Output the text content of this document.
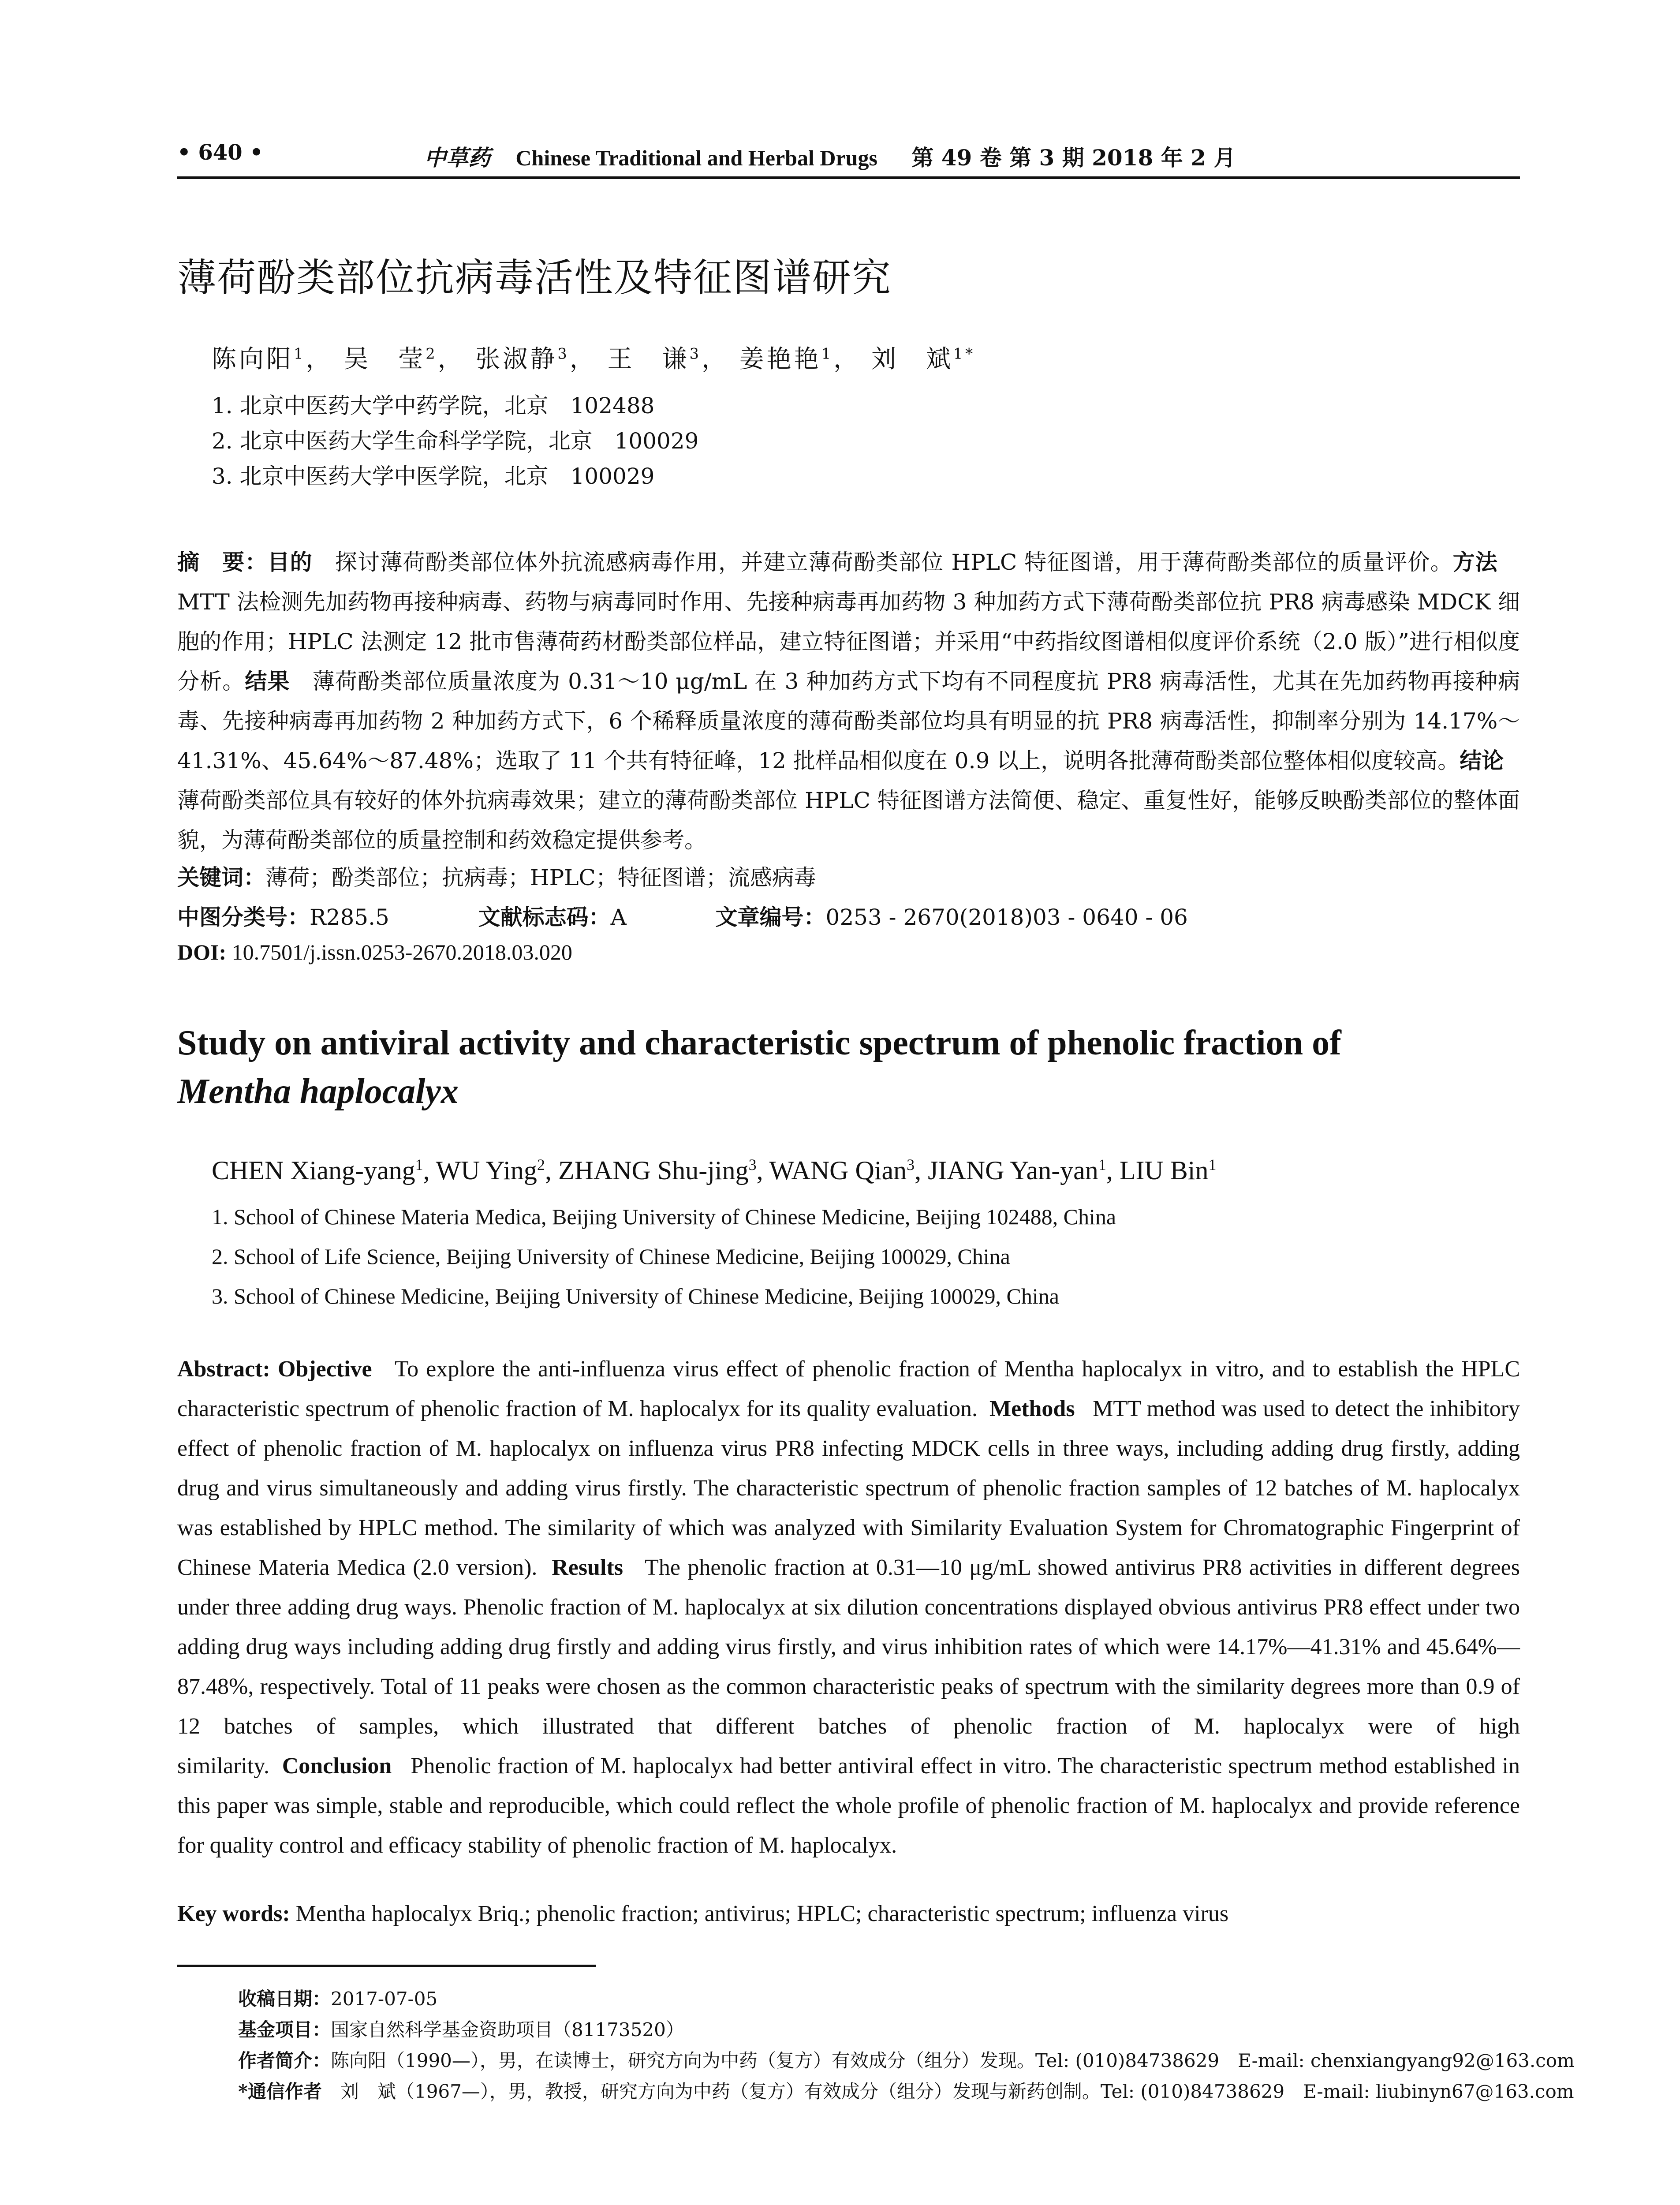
• 640 •	中草药 Chinese Traditional and Herbal Drugs 第 49 卷 第 3 期 2018 年 2 月
薄荷酚类部位抗病毒活性及特征图谱研究
陈向阳$^1$， 吴　莹$^2$， 张淑静$^3$， 王　谦$^3$， 姜艳艳$^1$， 刘　斌$^{1*}$
1. 北京中医药大学中药学院，北京　102488
2. 北京中医药大学生命科学学院，北京　100029
3. 北京中医药大学中医学院，北京　100029
摘　要：目的　探讨薄荷酚类部位体外抗流感病毒作用，并建立薄荷酚类部位 HPLC 特征图谱，用于薄荷酚类部位的质量评价。方法　MTT 法检测先加药物再接种病毒、药物与病毒同时作用、先接种病毒再加药物 3 种加药方式下薄荷酚类部位抗 PR8 病毒感染 MDCK 细胞的作用；HPLC 法测定 12 批市售薄荷药材酚类部位样品，建立特征图谱；并采用“中药指纹图谱相似度评价系统（2.0 版）”进行相似度分析。结果　薄荷酚类部位质量浓度为 0.31～10 μg/mL 在 3 种加药方式下均有不同程度抗 PR8 病毒活性，尤其在先加药物再接种病毒、先接种病毒再加药物 2 种加药方式下，6 个稀释质量浓度的薄荷酚类部位均具有明显的抗 PR8 病毒活性，抑制率分别为 14.17%～41.31%、45.64%～87.48%；选取了 11 个共有特征峰，12 批样品相似度在 0.9 以上，说明各批薄荷酚类部位整体相似度较高。结论　薄荷酚类部位具有较好的体外抗病毒效果；建立的薄荷酚类部位 HPLC 特征图谱方法简便、稳定、重复性好，能够反映酚类部位的整体面貌，为薄荷酚类部位的质量控制和药效稳定提供参考。
关键词：薄荷；酚类部位；抗病毒；HPLC；特征图谱；流感病毒
中图分类号：R285.5	文献标志码：A	文章编号：0253 - 2670(2018)03 - 0640 - 06
DOI: 10.7501/j.issn.0253-2670.2018.03.020
Study on antiviral activity and characteristic spectrum of phenolic fraction of
Mentha haplocalyx
CHEN Xiang-yang$^1$, WU Ying$^2$, ZHANG Shu-jing$^3$, WANG Qian$^3$, JIANG Yan-yan$^1$, LIU Bin$^1$
1. School of Chinese Materia Medica, Beijing University of Chinese Medicine, Beijing 102488, China
2. School of Life Science, Beijing University of Chinese Medicine, Beijing 100029, China
3. School of Chinese Medicine, Beijing University of Chinese Medicine, Beijing 100029, China
Abstract: Objective To explore the anti-influenza virus effect of phenolic fraction of Mentha haplocalyx in vitro, and to establish the HPLC characteristic spectrum of phenolic fraction of M. haplocalyx for its quality evaluation. Methods MTT method was used to detect the inhibitory effect of phenolic fraction of M. haplocalyx on influenza virus PR8 infecting MDCK cells in three ways, including adding drug firstly, adding drug and virus simultaneously and adding virus firstly. The characteristic spectrum of phenolic fraction samples of 12 batches of M. haplocalyx was established by HPLC method. The similarity of which was analyzed with Similarity Evaluation System for Chromatographic Fingerprint of Chinese Materia Medica (2.0 version). Results The phenolic fraction at 0.31—10 μg/mL showed antivirus PR8 activities in different degrees under three adding drug ways. Phenolic fraction of M. haplocalyx at six dilution concentrations displayed obvious antivirus PR8 effect under two adding drug ways including adding drug firstly and adding virus firstly, and virus inhibition rates of which were 14.17%—41.31% and 45.64%—87.48%, respectively. Total of 11 peaks were chosen as the common characteristic peaks of spectrum with the similarity degrees more than 0.9 of 12 batches of samples, which illustrated that different batches of phenolic fraction of M. haplocalyx were of high similarity. Conclusion Phenolic fraction of M. haplocalyx had better antiviral effect in vitro. The characteristic spectrum method established in this paper was simple, stable and reproducible, which could reflect the whole profile of phenolic fraction of M. haplocalyx and provide reference for quality control and efficacy stability of phenolic fraction of M. haplocalyx.
Key words: Mentha haplocalyx Briq.; phenolic fraction; antivirus; HPLC; characteristic spectrum; influenza virus
收稿日期：2017-07-05
基金项目：国家自然科学基金资助项目（81173520）
作者简介：陈向阳（1990—），男，在读博士，研究方向为中药（复方）有效成分（组分）发现。Tel: (010)84738629　E-mail: chenxiangyang92@163.com
*通信作者　刘　斌（1967—），男，教授，研究方向为中药（复方）有效成分（组分）发现与新药创制。Tel: (010)84738629　E-mail: liubinyn67@163.com
